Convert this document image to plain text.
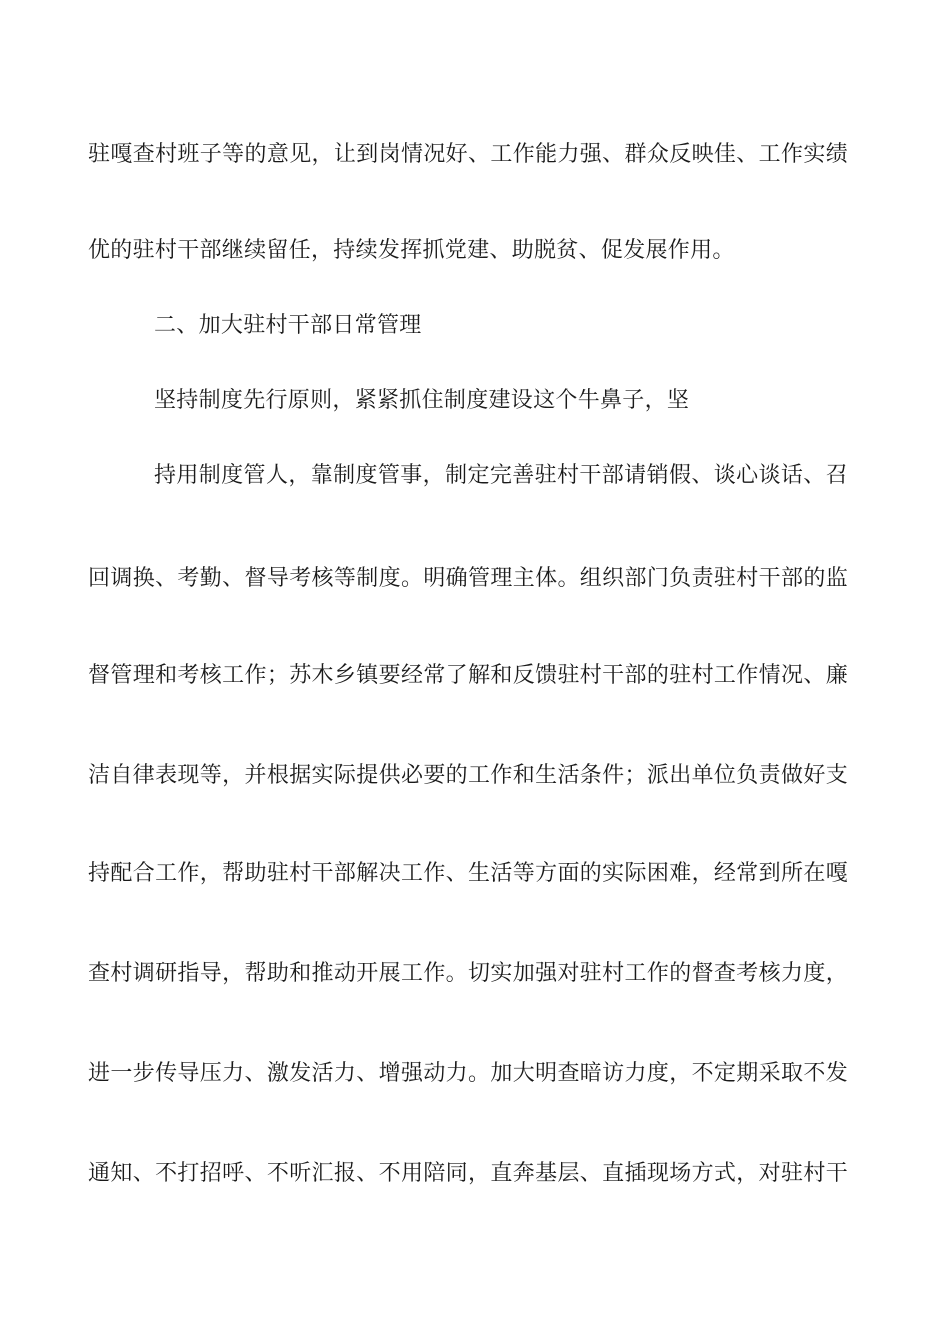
驻嘎查村班子等的意见，让到岗情况好、工作能力强、群众反映佳、工作实绩
优的驻村干部继续留任，持续发挥抓党建、助脱贫、促发展作用。
二、加大驻村干部日常管理
坚持制度先行原则，紧紧抓住制度建设这个牛鼻子，坚
持用制度管人，靠制度管事，制定完善驻村干部请销假、谈心谈话、召
回调换、考勤、督导考核等制度。明确管理主体。组织部门负责驻村干部的监
督管理和考核工作；苏木乡镇要经常了解和反馈驻村干部的驻村工作情况、廉
洁自律表现等，并根据实际提供必要的工作和生活条件；派出单位负责做好支
持配合工作，帮助驻村干部解决工作、生活等方面的实际困难，经常到所在嘎
查村调研指导，帮助和推动开展工作。切实加强对驻村工作的督查考核力度，
进一步传导压力、激发活力、增强动力。加大明查暗访力度，不定期采取不发
通知、不打招呼、不听汇报、不用陪同，直奔基层、直插现场方式，对驻村干
